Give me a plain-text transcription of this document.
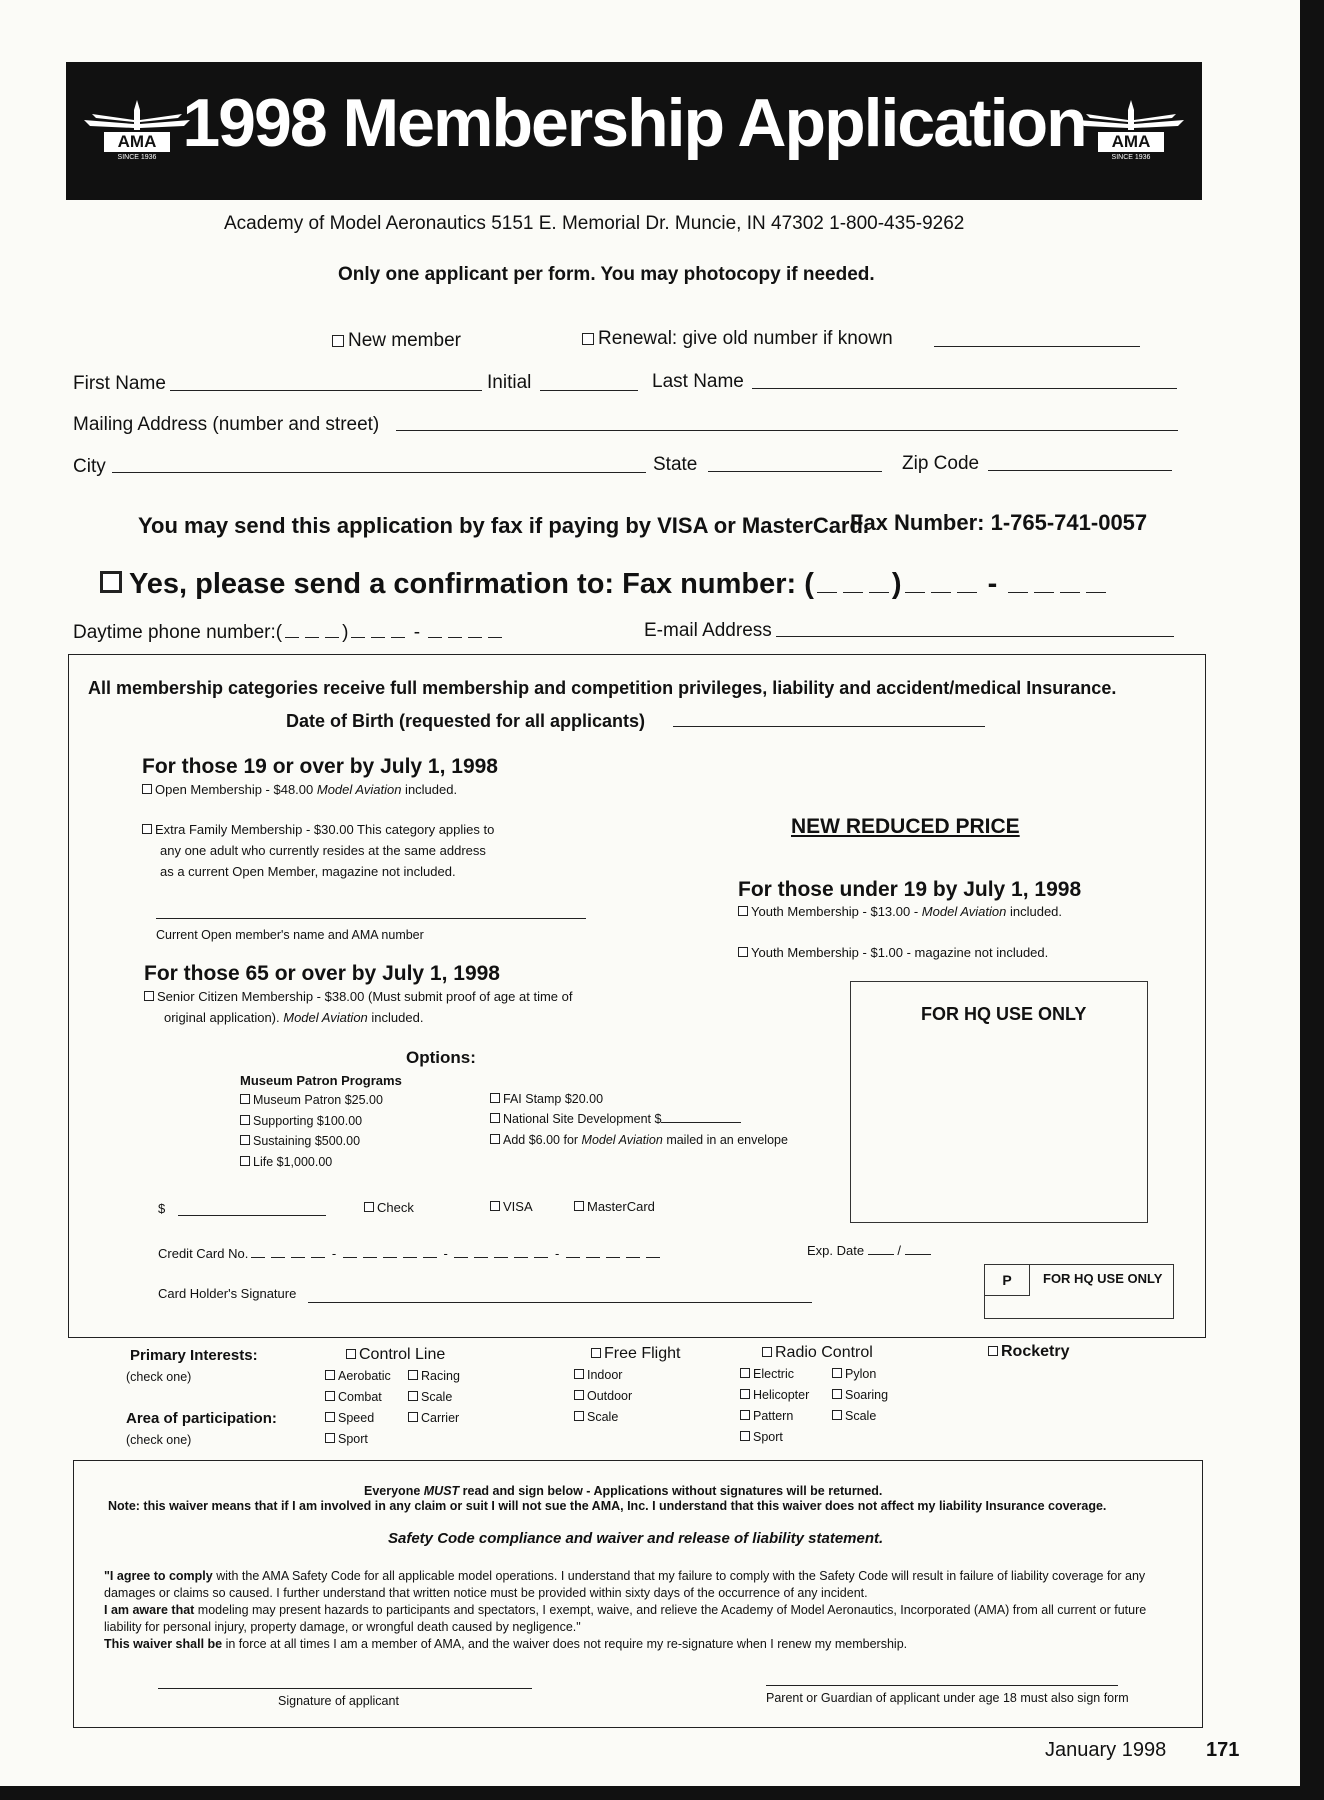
AMA
SINCE 1936 1998 Membership Application	AMA
SINCE 1936
Academy of Model Aeronautics 5151 E. Memorial Dr. Muncie, IN 47302 1-800-435-9262
Only one applicant per form. You may photocopy if needed.
New member	Renewal: give old number if known
First Name	Initial	Last Name
Mailing Address (number and street)
City	State	Zip Code
You may send this application by fax if paying by VISA or MasterCard.
Fax Number: 1-765-741-0057
Yes, please send a confirmation to: Fax number: (	)	-
Daytime phone number:(	)	-	E-mail Address
All membership categories receive full membership and competition privileges, liability and accident/medical Insurance.
Date of Birth (requested for all applicants)
For those 19 or over by July 1, 1998
Open Membership - $48.00 Model Aviation included.
Extra Family Membership - $30.00 This category applies to
any one adult who currently resides at the same address
as a current Open Member, magazine not included.
Current Open member's name and AMA number
NEW REDUCED PRICE
For those under 19 by July 1, 1998
Youth Membership - $13.00 - Model Aviation included.
Youth Membership - $1.00 - magazine not included.
For those 65 or over by July 1, 1998
Senior Citizen Membership - $38.00 (Must submit proof of age at time of
original application). Model Aviation included.	FOR HQ USE ONLY
Options:
Museum Patron Programs
Museum Patron $25.00
Supporting $100.00
Sustaining $500.00
Life $1,000.00
FAI Stamp $20.00
National Site Development $
Add $6.00 for Model Aviation mailed in an envelope
$	Check	VISA	MasterCard
Credit Card No.	-	-	-	Exp. Date  /
Card Holder's Signature
P	FOR HQ USE ONLY
Primary Interests:
(check one)
Area of participation:
(check one)
Control Line
Aerobatic	Racing
Combat	Scale
Speed	Carrier
Sport
Free Flight
Indoor
Outdoor
Scale
Radio Control
Electric	Pylon
Helicopter	Soaring
Pattern	Scale
Sport
Rocketry
Everyone MUST read and sign below - Applications without signatures will be returned.
Note: this waiver means that if I am involved in any claim or suit I will not sue the AMA, Inc. I understand that this waiver does not affect my liability Insurance coverage.
Safety Code compliance and waiver and release of liability statement.
"I agree to comply with the AMA Safety Code for all applicable model operations. I understand that my failure to comply with the Safety Code will result in failure of liability coverage for any damages or claims so caused. I further understand that written notice must be provided within sixty days of the occurrence of any incident.
I am aware that modeling may present hazards to participants and spectators, I exempt, waive, and relieve the Academy of Model Aeronautics, Incorporated (AMA) from all current or future liability for personal injury, property damage, or wrongful death caused by negligence."
This waiver shall be in force at all times I am a member of AMA, and the waiver does not require my re-signature when I renew my membership.
Signature of applicant	Parent or Guardian of applicant under age 18 must also sign form
January 1998 171
